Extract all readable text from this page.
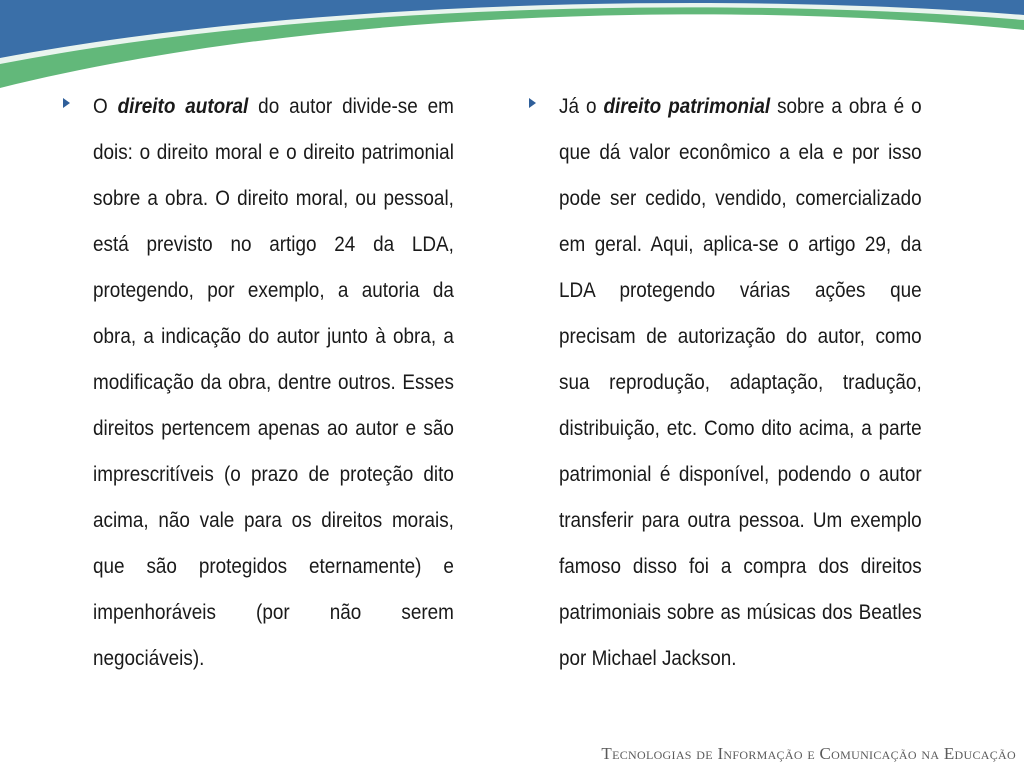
O direito autoral do autor divide-se em dois: o direito moral e o direito patrimonial sobre a obra. O direito moral, ou pessoal, está previsto no artigo 24 da LDA, protegendo, por exemplo, a autoria da obra, a indicação do autor junto à obra, a modificação da obra, dentre outros. Esses direitos pertencem apenas ao autor e são imprescritíveis (o prazo de proteção dito acima, não vale para os direitos morais, que são protegidos eternamente) e impenhoráveis (por não serem negociáveis).

Já o direito patrimonial sobre a obra é o que dá valor econômico a ela e por isso pode ser cedido, vendido, comercializado em geral. Aqui, aplica-se o artigo 29, da LDA protegendo várias ações que precisam de autorização do autor, como sua reprodução, adaptação, tradução, distribuição, etc. Como dito acima, a parte patrimonial é disponível, podendo o autor transferir para outra pessoa. Um exemplo famoso disso foi a compra dos direitos patrimoniais sobre as músicas dos Beatles por Michael Jackson.

Tecnologias de Informação e Comunicação na Educação
